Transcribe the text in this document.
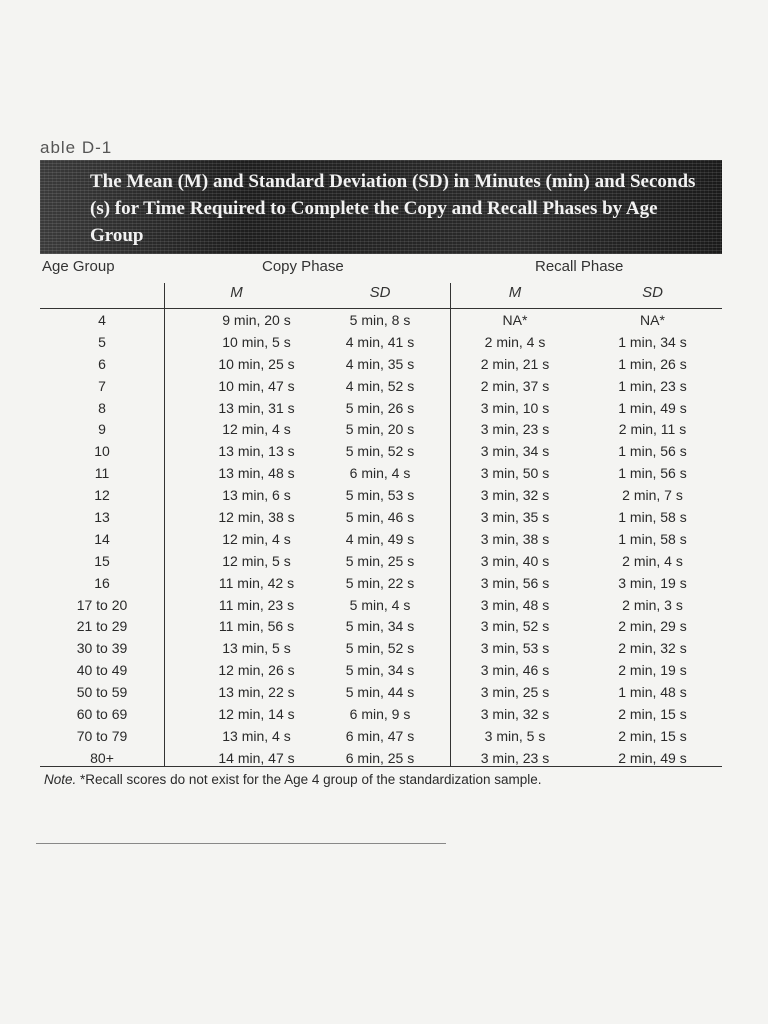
able D-1
The Mean (M) and Standard Deviation (SD) in Minutes (min) and Seconds (s) for Time Required to Complete the Copy and Recall Phases by Age Group
Age Group	Copy Phase	Recall Phase
M	SD	M	SD
4	9 min, 20 s	5 min, 8 s	NA*	NA*
5	10 min, 5 s	4 min, 41 s	2 min, 4 s	1 min, 34 s
6	10 min, 25 s	4 min, 35 s	2 min, 21 s	1 min, 26 s
7	10 min, 47 s	4 min, 52 s	2 min, 37 s	1 min, 23 s
8	13 min, 31 s	5 min, 26 s	3 min, 10 s	1 min, 49 s
9	12 min, 4 s	5 min, 20 s	3 min, 23 s	2 min, 11 s
10	13 min, 13 s	5 min, 52 s	3 min, 34 s	1 min, 56 s
11	13 min, 48 s	6 min, 4 s	3 min, 50 s	1 min, 56 s
12	13 min, 6 s	5 min, 53 s	3 min, 32 s	2 min, 7 s
13	12 min, 38 s	5 min, 46 s	3 min, 35 s	1 min, 58 s
14	12 min, 4 s	4 min, 49 s	3 min, 38 s	1 min, 58 s
15	12 min, 5 s	5 min, 25 s	3 min, 40 s	2 min, 4 s
16	11 min, 42 s	5 min, 22 s	3 min, 56 s	3 min, 19 s
17 to 20	11 min, 23 s	5 min, 4 s	3 min, 48 s	2 min, 3 s
21 to 29	11 min, 56 s	5 min, 34 s	3 min, 52 s	2 min, 29 s
30 to 39	13 min, 5 s	5 min, 52 s	3 min, 53 s	2 min, 32 s
40 to 49	12 min, 26 s	5 min, 34 s	3 min, 46 s	2 min, 19 s
50 to 59	13 min, 22 s	5 min, 44 s	3 min, 25 s	1 min, 48 s
60 to 69	12 min, 14 s	6 min, 9 s	3 min, 32 s	2 min, 15 s
70 to 79	13 min, 4 s	6 min, 47 s	3 min, 5 s	2 min, 15 s
80+	14 min, 47 s	6 min, 25 s	3 min, 23 s	2 min, 49 s
Note. *Recall scores do not exist for the Age 4 group of the standardization sample.
